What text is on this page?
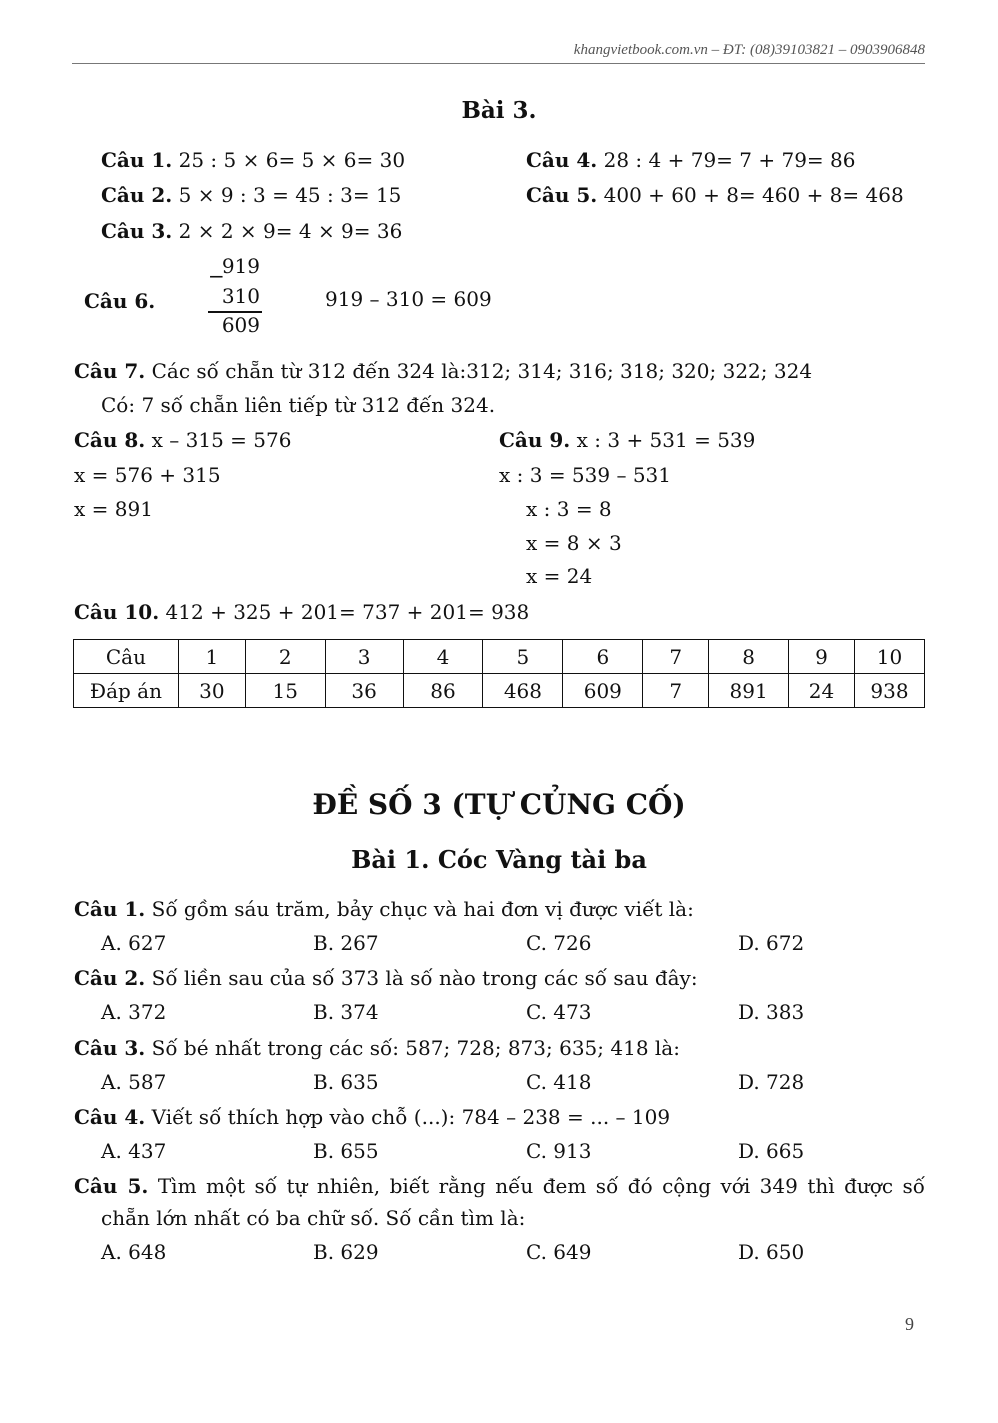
khangvietbook.com.vn – ĐT: (08)39103821 – 0903906848
Bài 3.
Câu 1. 25 : 5 × 6= 5 × 6= 30
Câu 2. 5 × 9 : 3 = 45 : 3= 15
Câu 3. 2 × 2 × 9= 4 × 9= 36
Câu 4. 28 : 4 + 79= 7 + 79= 86
Câu 5. 400 + 60 + 8= 460 + 8= 468
Câu 6.
919
−
310
609
919 – 310 = 609
Câu 7. Các số chẵn từ 312 đến 324 là:312; 314; 316; 318; 320; 322; 324
Có: 7 số chẵn liên tiếp từ 312 đến 324.
Câu 8. x – 315 = 576
x = 576 + 315
x = 891
Câu 9. x : 3 + 531 = 539
x : 3 = 539 – 531
x : 3 = 8
x = 8 × 3
x = 24
Câu 10. 412 + 325 + 201= 737 + 201= 938
Câu	1	2	3	4	5	6	7	8	9	10
Đáp án	30	15	36	86	468	609	7	891	24	938
ĐỀ SỐ 3 (TỰ CỦNG CỐ)
Bài 1. Cóc Vàng tài ba
Câu 1. Số gồm sáu trăm, bảy chục và hai đơn vị được viết là:
A. 627	B. 267	C. 726	D. 672
Câu 2. Số liền sau của số 373 là số nào trong các số sau đây:
A. 372	B. 374	C. 473	D. 383
Câu 3. Số bé nhất trong các số: 587; 728; 873; 635; 418 là:
A. 587	B. 635	C. 418	D. 728
Câu 4. Viết số thích hợp vào chỗ (...): 784 – 238 = ... – 109
A. 437	B. 655	C. 913	D. 665
Câu 5. Tìm một số tự nhiên, biết rằng nếu đem số đó cộng với 349 thì được số
chẵn lớn nhất có ba chữ số. Số cần tìm là:
A. 648	B. 629	C. 649	D. 650
9
